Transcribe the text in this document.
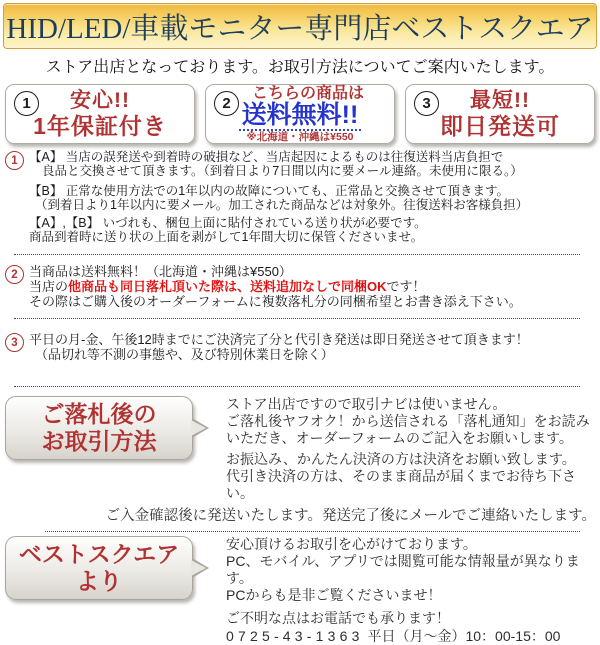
HID/LED/車載モニター専門店ベストスクエア
ストア出店となっております。お取引方法についてご案内いたします。
1	安心!!
1年保証付き
2
こちらの商品は
送料無料!!
※北海道・沖縄は¥550
3	最短!!
即日発送可
1 【A】 当店の誤発送や到着時の破損など、当店起因によるものは往復送料当店負担で
良品と交換させて頂きます。（到着日より7日間以内に要メール連絡。未使用に限る。）
【B】 正常な使用方法での1年以内の故障についても、正常品と交換させて頂きます。
（到着日より1年以内に要メール。加工された商品などは対象外。往復送料お客様負担）
【A】,【B】 いづれも、梱包上面に貼付されている送り状が必要です。
商品到着時に送り状の上面を剥がして1年間大切に保管くださいませ。
2 当商品は送料無料！（北海道・沖縄は¥550）
当店の他商品も同日落札頂いた際は、送料追加なしで同梱OKです！
その際はご購入後のオーダーフォームに複数落札分の同梱希望とお書き添え下さい。
3 平日の月-金、午後12時までにご決済完了分と代引き発送は即日発送させて頂きます！
（品切れ等不測の事態や、及び特別休業日を除く）
ご落札後の
お取引方法
ストア出店ですので取引ナビは使いません。
ご落札後ヤフオク！から送信される「落札通知」をお読み
いただき、オーダーフォームのご記入をお願いします。
お振込み、かんたん決済の方は決済をお願い致します。
代引き決済の方は、そのまま商品が届くまでお待ち下さい。
ご入金確認後に発送いたします。発送完了後にメールでご連絡いたします。
ベストスクエア
より
安心頂けるお取引を心がけております。
PC、モバイル、アプリでは閲覧可能な情報量が異なります。
PCからも是非ご覧くださいませ！
ご不明な点はお電話でも承ります！
0725-43-1363 平日（月～金）10：00-15：00
